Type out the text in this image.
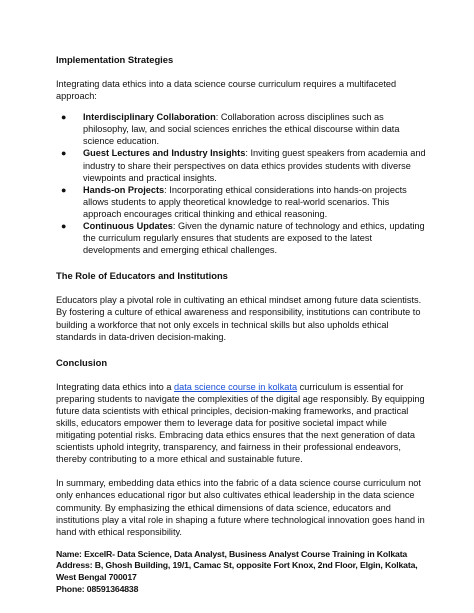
Implementation Strategies

Integrating data ethics into a data science course curriculum requires a multifaceted approach:

● Interdisciplinary Collaboration: Collaboration across disciplines such as philosophy, law, and social sciences enriches the ethical discourse within data science education.
● Guest Lectures and Industry Insights: Inviting guest speakers from academia and industry to share their perspectives on data ethics provides students with diverse viewpoints and practical insights.
● Hands-on Projects: Incorporating ethical considerations into hands-on projects allows students to apply theoretical knowledge to real-world scenarios. This approach encourages critical thinking and ethical reasoning.
● Continuous Updates: Given the dynamic nature of technology and ethics, updating the curriculum regularly ensures that students are exposed to the latest developments and emerging ethical challenges.
The Role of Educators and Institutions

Educators play a pivotal role in cultivating an ethical mindset among future data scientists. By fostering a culture of ethical awareness and responsibility, institutions can contribute to building a workforce that not only excels in technical skills but also upholds ethical standards in data-driven decision-making.

Conclusion

Integrating data ethics into a data science course in kolkata curriculum is essential for preparing students to navigate the complexities of the digital age responsibly. By equipping future data scientists with ethical principles, decision-making frameworks, and practical skills, educators empower them to leverage data for positive societal impact while mitigating potential risks. Embracing data ethics ensures that the next generation of data scientists uphold integrity, transparency, and fairness in their professional endeavors, thereby contributing to a more ethical and sustainable future.

In summary, embedding data ethics into the fabric of a data science course curriculum not only enhances educational rigor but also cultivates ethical leadership in the data science community. By emphasizing the ethical dimensions of data science, educators and institutions play a vital role in shaping a future where technological innovation goes hand in hand with ethical responsibility.

Name: ExcelR- Data Science, Data Analyst, Business Analyst Course Training in Kolkata Address: B, Ghosh Building, 19/1, Camac St, opposite Fort Knox, 2nd Floor, Elgin, Kolkata, West Bengal 700017

Phone: 08591364838
